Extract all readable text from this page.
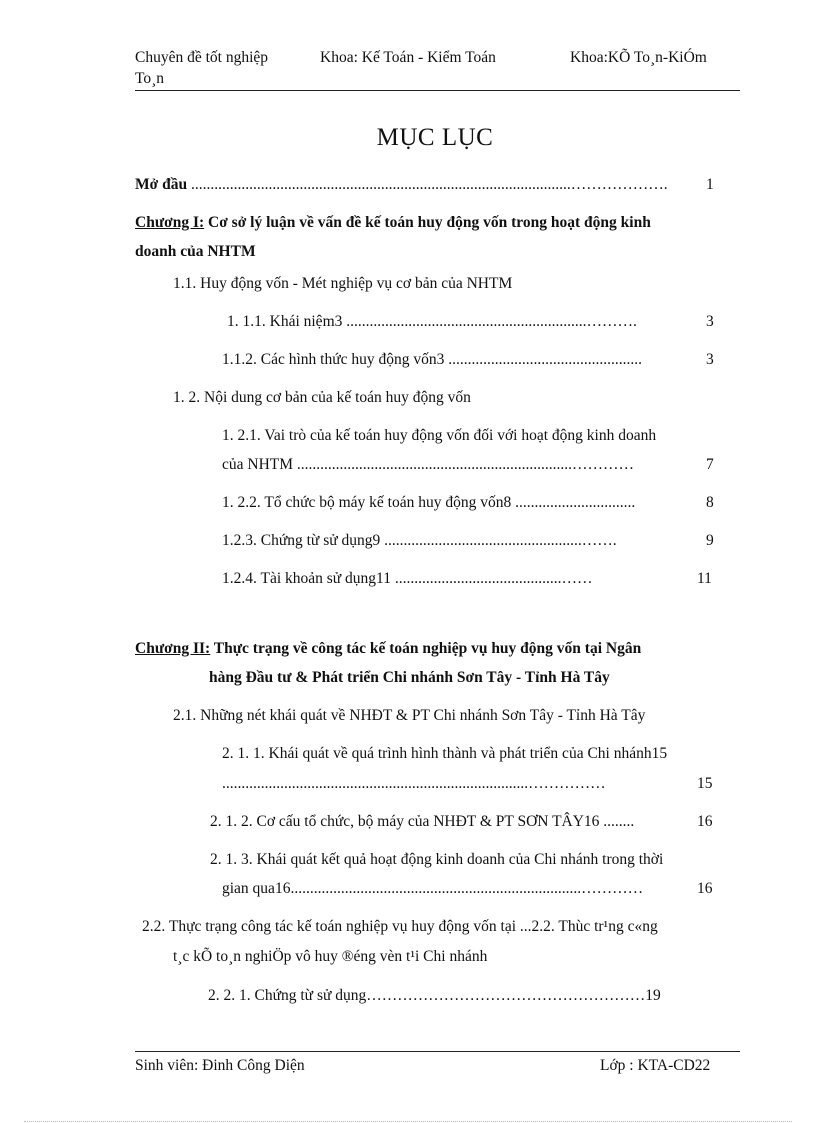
Chuyên đề tốt nghiệp
To¸n
Khoa: Kế Toán - Kiểm Toán	Khoa:KÕ To¸n-KiÓm
MỤC LỤC
Mở đầu ..................................................................................................………………. 1
Chương I: Cơ sở lý luận về vấn đề kế toán huy động vốn trong hoạt động kinh
doanh của NHTM
1.1. Huy động vốn - Mét nghiệp vụ cơ bản của NHTM
1. 1.1. Khái niệm3 ..............................................................……….	3
1.1.2. Các hình thức huy động vốn3 ..................................................	3
1. 2. Nội dung cơ bản của kế toán huy động vốn
1. 2.1. Vai trò của kế toán huy động vốn đối với hoạt động kinh doanh
của NHTM .......................................................................…………	7
1. 2.2. Tổ chức bộ máy kế toán huy động vốn8 ...............................	8
1.2.3. Chứng từ sử dụng9 ...................................................…….	9
1.2.4. Tài khoản sử dụng11 ...........................................……	11
Chương II: Thực trạng về công tác kế toán nghiệp vụ huy động vốn tại Ngân
hàng Đầu tư & Phát triển Chi nhánh Sơn Tây - Tỉnh Hà Tây
2.1. Những nét khái quát về NHĐT & PT Chi nhánh Sơn Tây - Tỉnh Hà Tây
2. 1. 1. Khái quát về quá trình hình thành và phát triển của Chi nhánh15
...............................................................................……………	15
2. 1. 2. Cơ cấu tổ chức, bộ máy của NHĐT & PT SƠN TÂY16 ........	16
2. 1. 3. Khái quát kết quả hoạt động kinh doanh của Chi nhánh trong thời
gian qua16...........................................................................…………	16
2.2. Thực trạng công tác kế toán nghiệp vụ huy động vốn tại ...2.2. Thùc tr¹ng c«ng
t¸c kÕ to¸n nghiÖp vô huy ®éng vèn t¹i Chi nhánh
2. 2. 1. Chứng từ sử dụng………………………………………………19
Sinh viên: Đinh Công Diện	Lớp : KTA-CD22
